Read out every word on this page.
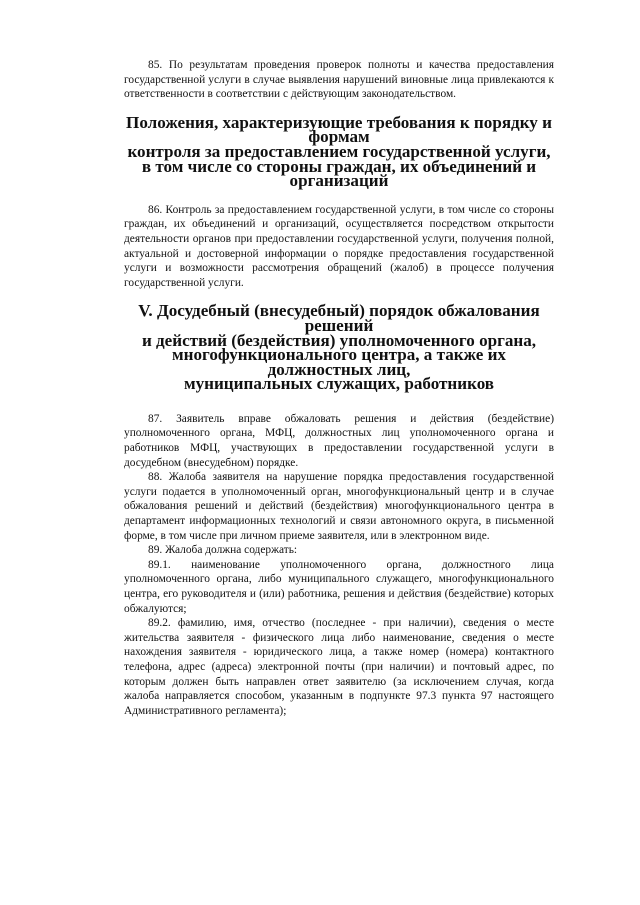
85. По результатам проведения проверок полноты и качества предоставления государственной услуги в случае выявления нарушений виновные лица привлекаются к ответственности в соответствии с действующим законодательством.

Положения, характеризующие требования к порядку и формам
контроля за предоставлением государственной услуги,
в том числе со стороны граждан, их объединений и организаций

86. Контроль за предоставлением государственной услуги, в том числе со стороны граждан, их объединений и организаций, осуществляется посредством открытости деятельности органов при предоставлении государственной услуги, получения полной, актуальной и достоверной информации о порядке предоставления государственной услуги и возможности рассмотрения обращений (жалоб) в процессе получения государственной услуги.

V. Досудебный (внесудебный) порядок обжалования решений
и действий (бездействия) уполномоченного органа,
многофункционального центра, а также их должностных лиц,
муниципальных служащих, работников

87. Заявитель вправе обжаловать решения и действия (бездействие) уполномоченного органа, МФЦ, должностных лиц уполномоченного органа и работников МФЦ, участвующих в предоставлении государственной услуги в досудебном (внесудебном) порядке.

88. Жалоба заявителя на нарушение порядка предоставления государственной услуги подается в уполномоченный орган, многофункциональный центр и в случае обжалования решений и действий (бездействия) многофункционального центра в департамент информационных технологий и связи автономного округа, в письменной форме, в том числе при личном приеме заявителя, или в электронном виде.

89. Жалоба должна содержать:

89.1. наименование уполномоченного органа, должностного лица уполномоченного органа, либо муниципального служащего, многофункционального центра, его руководителя и (или) работника, решения и действия (бездействие) которых обжалуются;

89.2. фамилию, имя, отчество (последнее - при наличии), сведения о месте жительства заявителя - физического лица либо наименование, сведения о месте нахождения заявителя - юридического лица, а также номер (номера) контактного телефона, адрес (адреса) электронной почты (при наличии) и почтовый адрес, по которым должен быть направлен ответ заявителю (за исключением случая, когда жалоба направляется способом, указанным в подпункте 97.3 пункта 97 настоящего Административного регламента);
